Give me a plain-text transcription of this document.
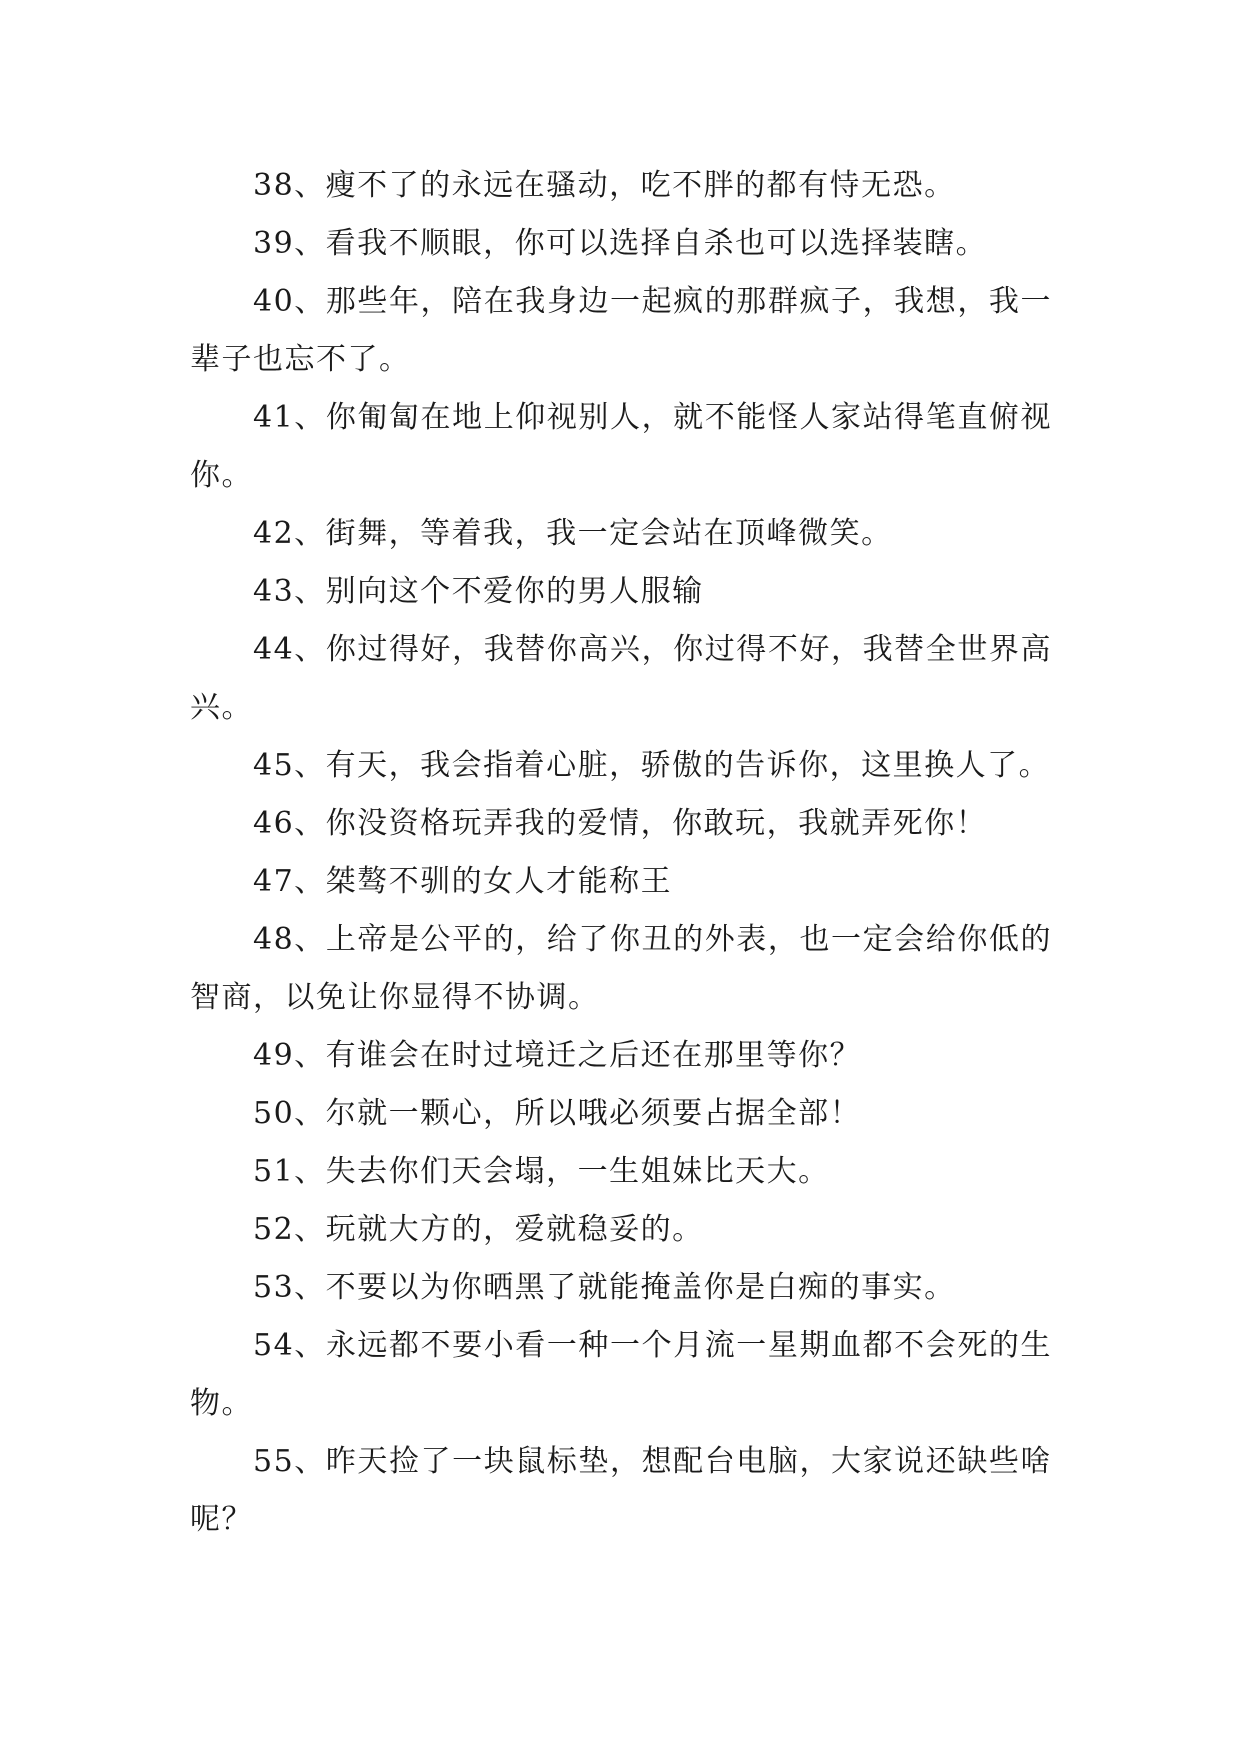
38、瘦不了的永远在骚动，吃不胖的都有恃无恐。

39、看我不顺眼，你可以选择自杀也可以选择装瞎。

40、那些年，陪在我身边一起疯的那群疯子，我想，我一辈子也忘不了。

41、你匍匐在地上仰视别人，就不能怪人家站得笔直俯视你。

42、街舞，等着我，我一定会站在顶峰微笑。

43、别向这个不爱你的男人服输

44、你过得好，我替你高兴，你过得不好，我替全世界高兴。

45、有天，我会指着心脏，骄傲的告诉你，这里换人了。

46、你没资格玩弄我的爱情，你敢玩，我就弄死你！

47、桀骜不驯的女人才能称王

48、上帝是公平的，给了你丑的外表，也一定会给你低的智商，以免让你显得不协调。

49、有谁会在时过境迁之后还在那里等你？

50、尔就一颗心，所以哦必须要占据全部！

51、失去你们天会塌，一生姐妹比天大。

52、玩就大方的，爱就稳妥的。

53、不要以为你晒黑了就能掩盖你是白痴的事实。

54、永远都不要小看一种一个月流一星期血都不会死的生物。

55、昨天捡了一块鼠标垫，想配台电脑，大家说还缺些啥呢？
